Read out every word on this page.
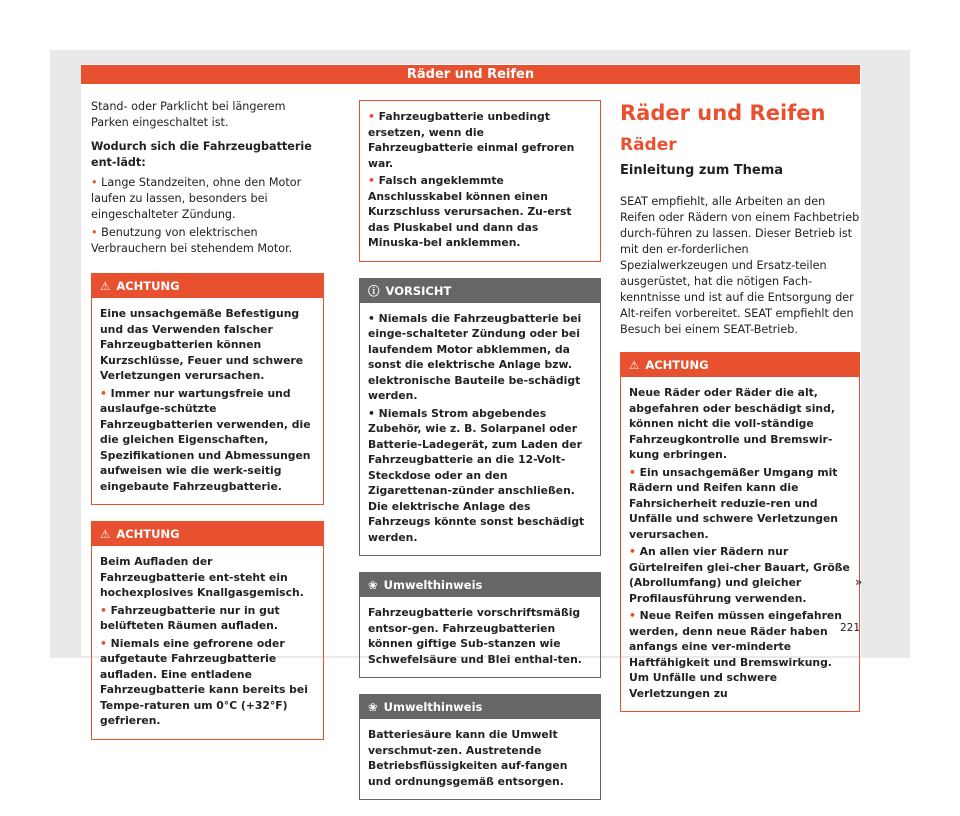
Räder und Reifen

Stand- oder Parklicht bei längerem Parken eingeschaltet ist.

Wodurch sich die Fahrzeugbatterie ent-lädt:

• Lange Standzeiten, ohne den Motor laufen zu lassen, besonders bei eingeschalteter Zündung.

• Benutzung von elektrischen Verbrauchern bei stehendem Motor.

⚠ ACHTUNG

Eine unsachgemäße Befestigung und das Verwenden falscher Fahrzeugbatterien können Kurzschlüsse, Feuer und schwere Verletzungen verursachen.

• Immer nur wartungsfreie und auslaufge-schützte Fahrzeugbatterien verwenden, die die gleichen Eigenschaften, Spezifikationen und Abmessungen aufweisen wie die werk-seitig eingebaute Fahrzeugbatterie.

⚠ ACHTUNG

Beim Aufladen der Fahrzeugbatterie ent-steht ein hochexplosives Knallgasgemisch.

• Fahrzeugbatterie nur in gut belüfteten Räumen aufladen.

• Niemals eine gefrorene oder aufgetaute Fahrzeugbatterie aufladen. Eine entladene Fahrzeugbatterie kann bereits bei Tempe-raturen um 0°C (+32°F) gefrieren.

• Fahrzeugbatterie unbedingt ersetzen, wenn die Fahrzeugbatterie einmal gefroren war.

• Falsch angeklemmte Anschlusskabel können einen Kurzschluss verursachen. Zu-erst das Pluskabel und dann das Minuska-bel anklemmen.

ⓘ VORSICHT

• Niemals die Fahrzeugbatterie bei einge-schalteter Zündung oder bei laufendem Motor abklemmen, da sonst die elektrische Anlage bzw. elektronische Bauteile be-schädigt werden.

• Niemals Strom abgebendes Zubehör, wie z. B. Solarpanel oder Batterie-Ladegerät, zum Laden der Fahrzeugbatterie an die 12-Volt-Steckdose oder an den Zigarettenan-zünder anschließen. Die elektrische Anlage des Fahrzeugs könnte sonst beschädigt werden.

❀ Umwelthinweis

Fahrzeugbatterie vorschriftsmäßig entsor-gen. Fahrzeugbatterien können giftige Sub-stanzen wie Schwefelsäure und Blei enthal-ten.

❀ Umwelthinweis

Batteriesäure kann die Umwelt verschmut-zen. Austretende Betriebsflüssigkeiten auf-fangen und ordnungsgemäß entsorgen.

Räder und Reifen
Räder
Einleitung zum Thema

SEAT empfiehlt, alle Arbeiten an den Reifen oder Rädern von einem Fachbetrieb durch-führen zu lassen. Dieser Betrieb ist mit den er-forderlichen Spezialwerkzeugen und Ersatz-teilen ausgerüstet, hat die nötigen Fach-kenntnisse und ist auf die Entsorgung der Alt-reifen vorbereitet. SEAT empfiehlt den Besuch bei einem SEAT-Betrieb.

⚠ ACHTUNG

Neue Räder oder Räder die alt, abgefahren oder beschädigt sind, können nicht die voll-ständige Fahrzeugkontrolle und Bremswir-kung erbringen.

• Ein unsachgemäßer Umgang mit Rädern und Reifen kann die Fahrsicherheit reduzie-ren und Unfälle und schwere Verletzungen verursachen.

• An allen vier Rädern nur Gürtelreifen glei-cher Bauart, Größe (Abrollumfang) und gleicher Profilausführung verwenden.

• Neue Reifen müssen eingefahren werden, denn neue Räder haben anfangs eine ver-minderte Haftfähigkeit und Bremswirkung. Um Unfälle und schwere Verletzungen zu

»
221
